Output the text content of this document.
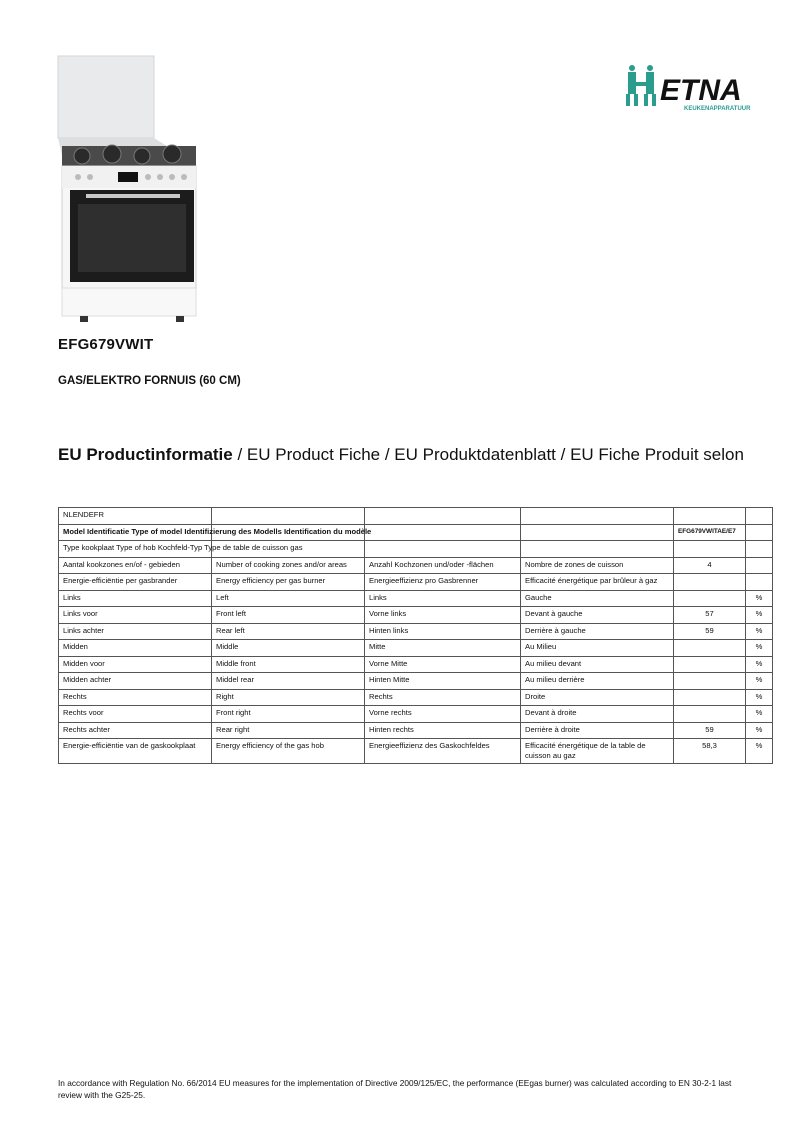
ETNA
KEUKENAPPARATUUR
EFG679VWIT
GAS/ELEKTRO FORNUIS (60 CM)
EU Productinformatie / EU Product Fiche / EU Produktdatenblatt / EU Fiche Produit selon
NLENDEFR					

Model Identificatie Type of model Identifizierung des Modells Identification du modèle				EFG679VWITAE/E7	

Type kookplaat Type of hob Kochfeld-Typ Type de table de cuisson gas					

Aantal kookzones en/of - gebieden	Number of cooking zones and/or areas	Anzahl Kochzonen und/oder -flächen	Nombre de zones de cuisson	4	
Energie-efficiëntie per gasbrander	Energy efficiency per gas burner	Energieeffizienz pro Gasbrenner	Efficacité énergétique par brûleur à gaz		
Links	Left	Links	Gauche		%
Links voor	Front left	Vorne links	Devant à gauche	57	%
Links achter	Rear left	Hinten links	Derrière à gauche	59	%
Midden	Middle	Mitte	Au Milieu		%
Midden voor	Middle front	Vorne Mitte	Au milieu devant		%
Midden achter	Middel rear	Hinten Mitte	Au milieu derrière		%
Rechts	Right	Rechts	Droite		%
Rechts voor	Front right	Vorne rechts	Devant à droite		%
Rechts achter	Rear right	Hinten rechts	Derrière à droite	59	%
Energie-efficiëntie van de gaskookplaat	Energy efficiency of the gas hob	Energieeffizienz des Gaskochfeldes	Efficacité énergétique de la table de cuisson au gaz	58,3	%
In accordance with Regulation No. 66/2014 EU measures for the implementation of Directive 2009/125/EC, the performance (EEgas burner) was calculated according to EN 30-2-1 last review with the G25-25.
